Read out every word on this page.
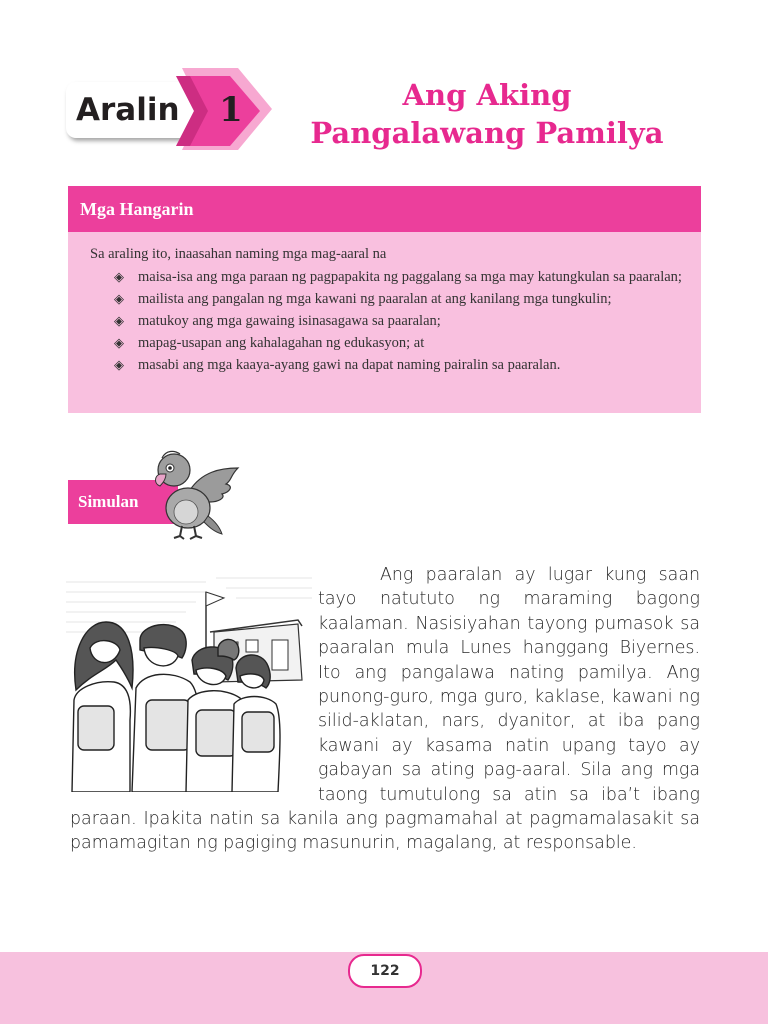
Aralin	1	Ang Aking
Pangalawang Pamilya
Mga Hangarin
Sa araling ito, inaasahan naming mga mag-aaral na
◈ maisa-isa ang mga paraan ng pagpapakita ng paggalang sa mga may katungkulan sa paaralan;
◈ mailista ang pangalan ng mga kawani ng paaralan at ang kanilang mga tungkulin;
◈ matukoy ang mga gawaing isinasagawa sa paaralan;
◈ mapag-usapan ang kahalagahan ng edukasyon; at
◈ masabi ang mga kaaya-ayang gawi na dapat naming pairalin sa paaralan.
Simulan
Ang paaralan ay lugar kung saan tayo natututo ng maraming bagong kaalaman. Nasisiyahan tayong pumasok sa paaralan mula Lunes hanggang Biyernes. Ito ang pangalawa nating pamilya. Ang punong-guro, mga guro, kaklase, kawani ng silid-aklatan, nars, dyanitor, at iba pang kawani ay kasama natin upang tayo ay gabayan sa ating pag-aaral. Sila ang mga taong tumutulong sa atin sa iba’t ibang paraan. Ipakita natin sa kanila ang pagmamahal at pagmamalasakit sa pamamagitan ng pagiging masunurin, magalang, at responsable.
122
